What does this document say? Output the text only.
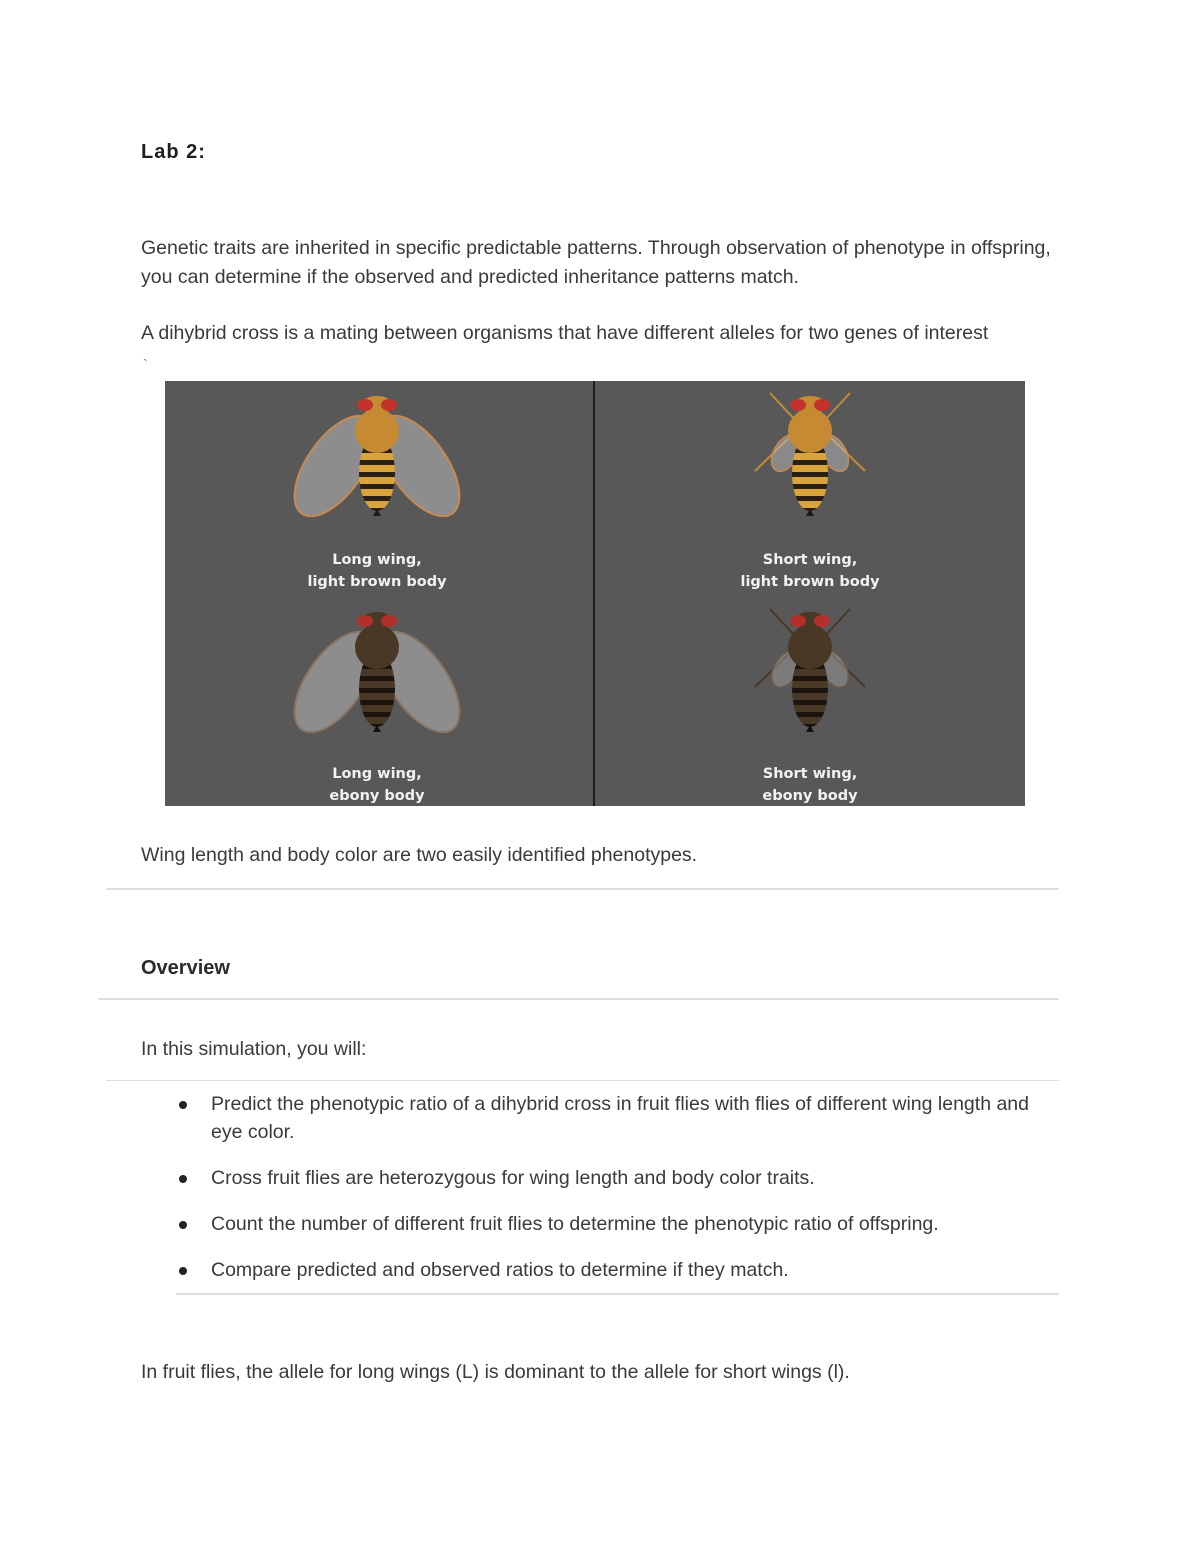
Lab 2:
Genetic traits are inherited in specific predictable patterns. Through observation of phenotype in offspring, you can determine if the observed and predicted inheritance patterns match.
A dihybrid cross is a mating between organisms that have different alleles for two genes of interest
`
Long wing,
light brown body
Short wing,
light brown body
Long wing,
ebony body
Short wing,
ebony body
Wing length and body color are two easily identified phenotypes.
Overview
In this simulation, you will:
Predict the phenotypic ratio of a dihybrid cross in fruit flies with flies of different wing length and eye color.
Cross fruit flies are heterozygous for wing length and body color traits.
Count the number of different fruit flies to determine the phenotypic ratio of offspring.
Compare predicted and observed ratios to determine if they match.
In fruit flies, the allele for long wings (L) is dominant to the allele for short wings (l).
